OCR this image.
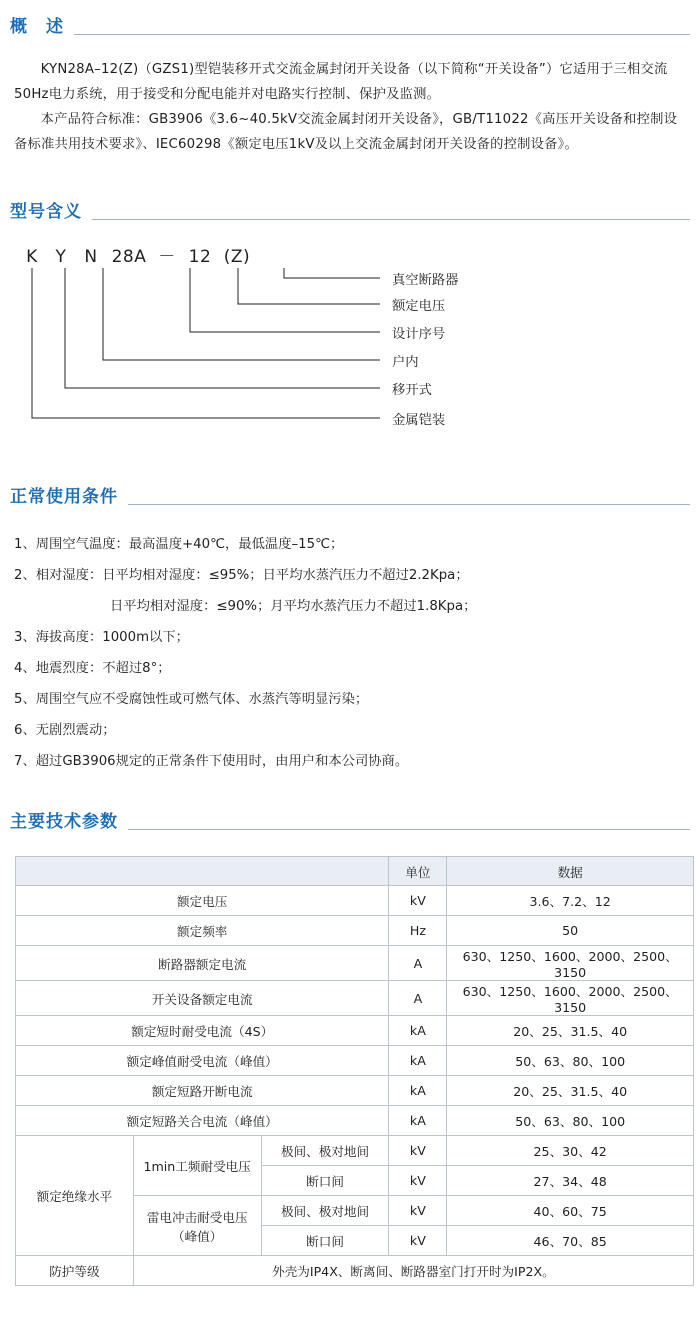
概　述

KYN28A–12(Z)（GZS1)型铠装移开式交流金属封闭开关设备（以下简称“开关设备”）它适用于三相交流50Hz电力系统，用于接受和分配电能并对电路实行控制、保护及监测。

本产品符合标准：GB3906《3.6~40.5kV交流金属封闭开关设备》，GB/T11022《高压开关设备和控制设备标准共用技术要求》、IEC60298《额定电压1kV及以上交流金属封闭开关设备的控制设备》。

型号含义
K Y N 28A － 12 (Z)
真空断路器
额定电压
设计序号
户内
移开式
金属铠装
正常使用条件
1、周围空气温度：最高温度+40℃，最低温度–15℃；
2、相对湿度：日平均相对湿度：≤95%；日平均水蒸汽压力不超过2.2Kpa；
日平均相对湿度：≤90%；月平均水蒸汽压力不超过1.8Kpa；
3、海拔高度：1000m以下；
4、地震烈度：不超过8°；
5、周围空气应不受腐蚀性或可燃气体、水蒸汽等明显污染；
6、无剧烈震动；
7、超过GB3906规定的正常条件下使用时，由用户和本公司协商。
主要技术参数
			单位	数据
额定电压			kV	3.6、7.2、12
额定频率			Hz	50
断路器额定电流			A	630、1250、1600、2000、2500、3150
开关设备额定电流			A	630、1250、1600、2000、2500、3150
额定短时耐受电流（4S）			kA	20、25、31.5、40
额定峰值耐受电流（峰值）			kA	50、63、80、100
额定短路开断电流			kA	20、25、31.5、40
额定短路关合电流（峰值）			kA	50、63、80、100
额定绝缘水平	1min工频耐受电压	极间、极对地间	kV	25、30、42
		断口间	kV	27、34、48
	雷电冲击耐受电压（峰值）	极间、极对地间	kV	40、60、75
		断口间	kV	46、70、85
防护等级	外壳为IP4X、断离间、断路器室门打开时为IP2X。			
